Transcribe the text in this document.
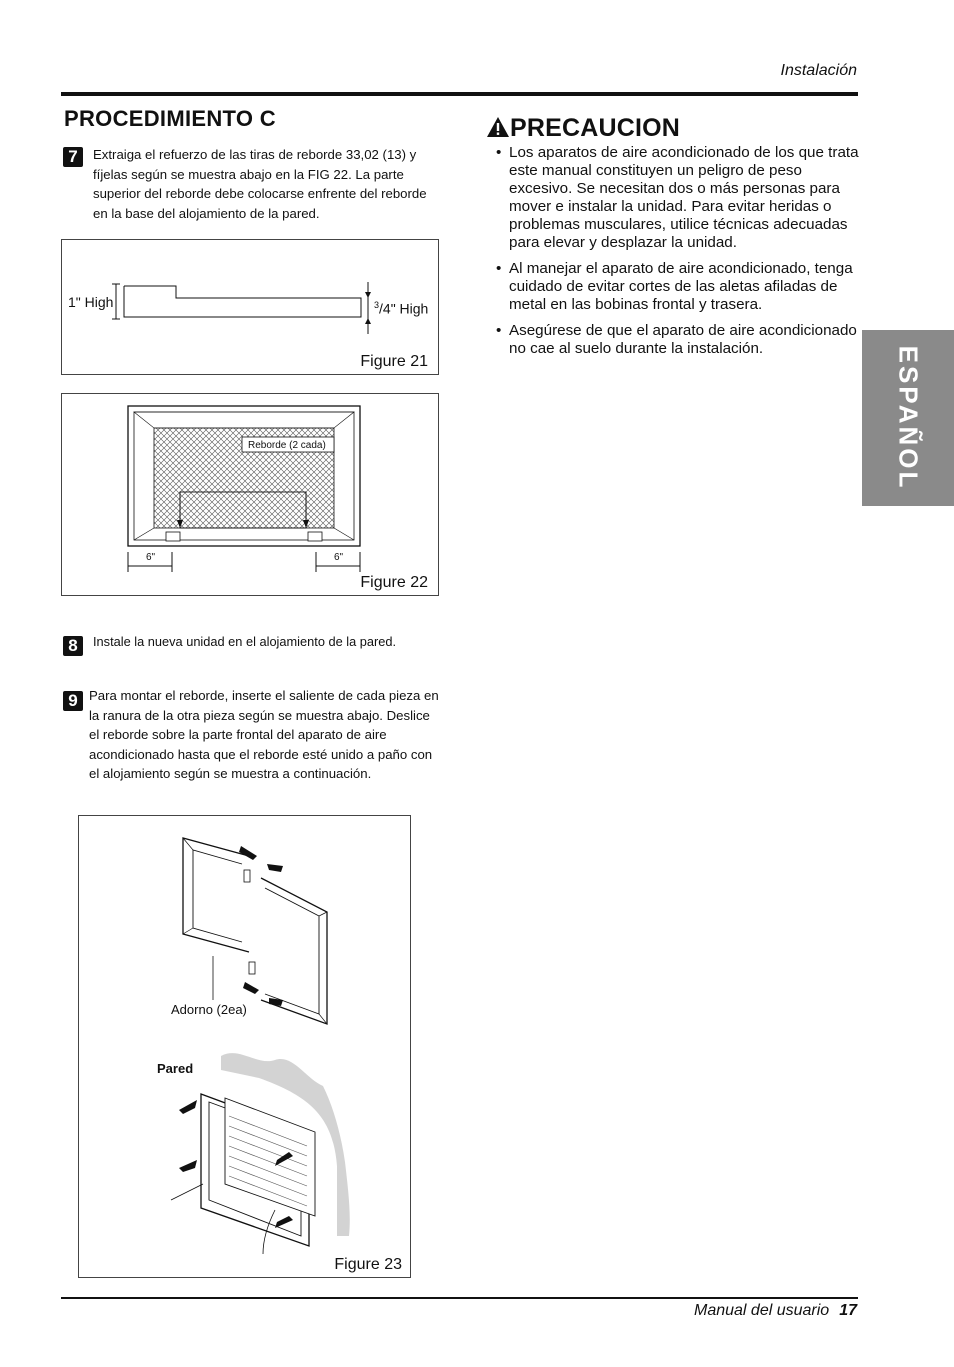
Instalación
PROCEDIMIENTO C
7	Extraiga el refuerzo de las tiras de reborde 33,02 (13) y fíjelas según se muestra abajo en la FIG 22. La parte superior del reborde debe colocarse enfrente del reborde en la base del alojamiento de la pared.
1" High	$^3$/4" High
Figure 21
Reborde (2 cada)
6"	6"
Figure 22
8	Instale la nueva unidad en el alojamiento de la pared.
9 Para montar el reborde, inserte el saliente de cada pieza en la ranura de la otra pieza según se muestra abajo. Deslice el reborde sobre la parte frontal del aparato de aire acondicionado hasta que el reborde esté unido a paño con el alojamiento según se muestra a continuación.
Adorno (2ea)
Pared
Figure 23
PRECAUCION
• Los aparatos de aire acondicionado de los que trata este manual constituyen un peligro de peso excesivo. Se necesitan dos o más personas para mover e instalar la unidad. Para evitar heridas o problemas musculares, utilice técnicas adecuadas para elevar y desplazar la unidad.
• Al manejar el aparato de aire acondicionado, tenga cuidado de evitar cortes de las aletas afiladas de metal en las bobinas frontal y trasera.
• Asegúrese de que el aparato de aire acondicionado no cae al suelo durante la instalación.	ESPAÑOL
Manual del usuario 17
